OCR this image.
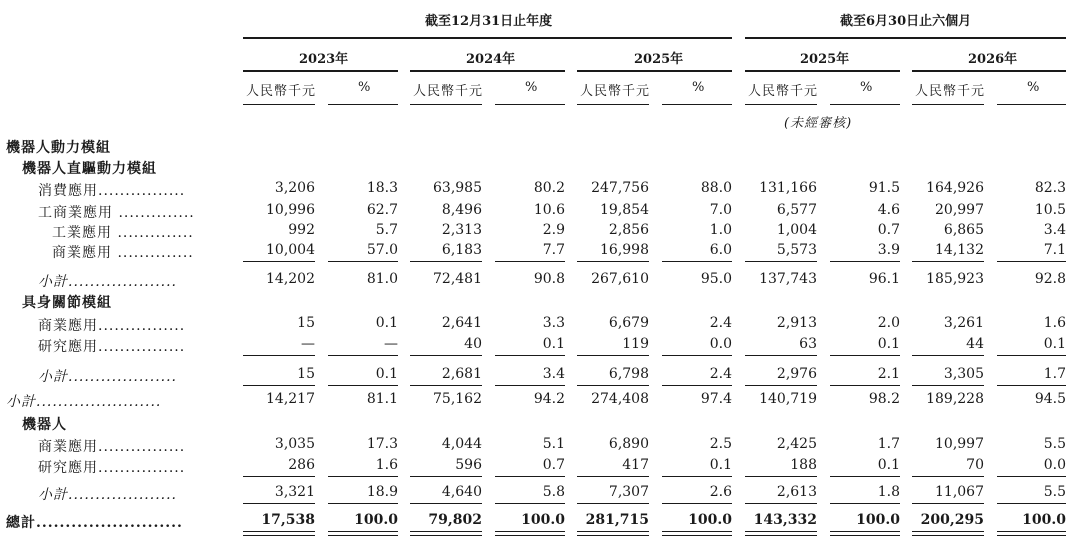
截至12月31日止年度	截至6月30日止六個月
2023年	2024年	2025年	2025年	2026年
人民幣千元	%	人民幣千元	%	人民幣千元	%	人民幣千元	%	人民幣千元	%
(未經審核)
機器人動力模組
機器人直驅動力模組
消費應用................	3,206	18.3	63,985	80.2	247,756	88.0	131,166	91.5	164,926	82.3
工商業應用 ..............	10,996	62.7	8,496	10.6	19,854	7.0	6,577	4.6	20,997	10.5
工業應用 ..............	992	5.7	2,313	2.9	2,856	1.0	1,004	0.7	6,865	3.4
商業應用 ..............	10,004	57.0	6,183	7.7	16,998	6.0	5,573	3.9	14,132	7.1
小計....................	14,202	81.0	72,481	90.8	267,610	95.0	137,743	96.1	185,923	92.8
具身關節模組
商業應用................	15	0.1	2,641	3.3	6,679	2.4	2,913	2.0	3,261	1.6
研究應用................	—	—	40	0.1	119	0.0	63	0.1	44	0.1
小計....................	15	0.1	2,681	3.4	6,798	2.4	2,976	2.1	3,305	1.7
小計.......................	14,217	81.1	75,162	94.2	274,408	97.4	140,719	98.2	189,228	94.5
機器人
商業應用................	3,035	17.3	4,044	5.1	6,890	2.5	2,425	1.7	10,997	5.5
研究應用................	286	1.6	596	0.7	417	0.1	188	0.1	70	0.0
小計....................	3,321	18.9	4,640	5.8	7,307	2.6	2,613	1.8	11,067	5.5
總計.........................	17,538	100.0	79,802	100.0	281,715	100.0	143,332	100.0	200,295	100.0
